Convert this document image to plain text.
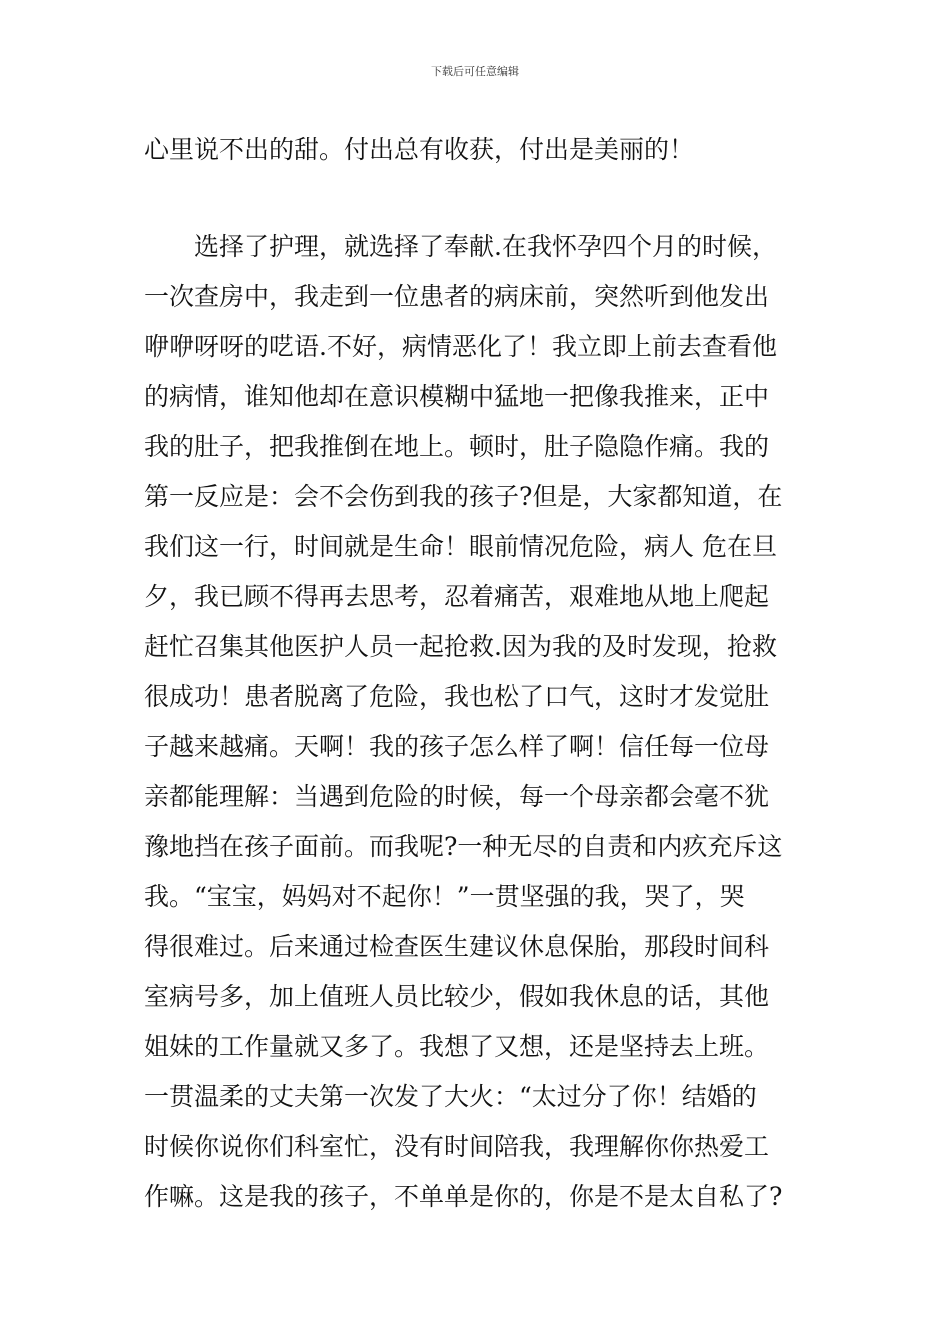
下载后可任意编辑
心里说不出的甜。付出总有收获，付出是美丽的！
选择了护理，就选择了奉献.在我怀孕四个月的时候，
一次查房中，我走到一位患者的病床前，突然听到他发出
咿咿呀呀的呓语.不好，病情恶化了！我立即上前去查看他
的病情，谁知他却在意识模糊中猛地一把像我推来，正中
我的肚子，把我推倒在地上。顿时，肚子隐隐作痛。我的
第一反应是：会不会伤到我的孩子?但是，大家都知道，在
我们这一行，时间就是生命！眼前情况危险，病人 危在旦
夕，我已顾不得再去思考，忍着痛苦，艰难地从地上爬起
赶忙召集其他医护人员一起抢救.因为我的及时发现，抢救
很成功！患者脱离了危险，我也松了口气，这时才发觉肚
子越来越痛。天啊！我的孩子怎么样了啊！信任每一位母
亲都能理解：当遇到危险的时候，每一个母亲都会毫不犹
豫地挡在孩子面前。而我呢?一种无尽的自责和内疚充斥这
我。“宝宝，妈妈对不起你！”一贯坚强的我，哭了，哭
得很难过。后来通过检查医生建议休息保胎，那段时间科
室病号多，加上值班人员比较少，假如我休息的话，其他
姐妹的工作量就又多了。我想了又想，还是坚持去上班。
一贯温柔的丈夫第一次发了大火：“太过分了你！结婚的
时候你说你们科室忙，没有时间陪我，我理解你你热爱工
作嘛。这是我的孩子，不单单是你的，你是不是太自私了?
